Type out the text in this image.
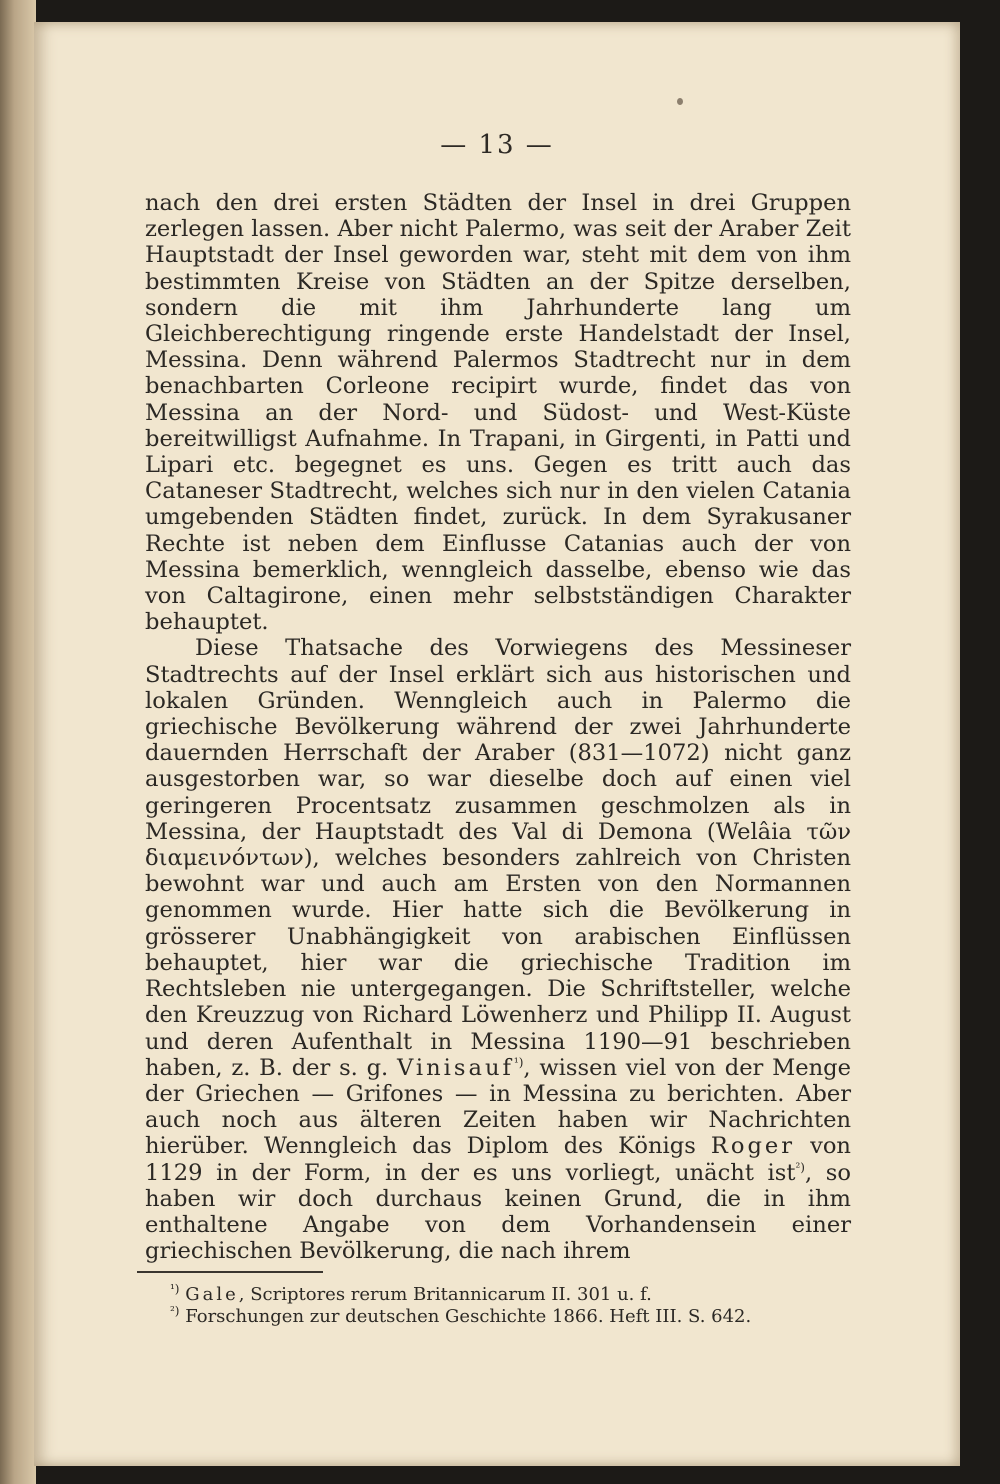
— 13 —

nach den drei ersten Städten der Insel in drei Gruppen zerlegen lassen. Aber nicht Palermo, was seit der Araber Zeit Hauptstadt der Insel geworden war, steht mit dem von ihm bestimmten Kreise von Städten an der Spitze derselben, sondern die mit ihm Jahrhunderte lang um Gleichberechtigung ringende erste Handelstadt der Insel, Messina. Denn während Palermos Stadtrecht nur in dem benachbarten Corleone recipirt wurde, findet das von Messina an der Nord- und Südost- und West-Küste bereitwilligst Aufnahme. In Trapani, in Girgenti, in Patti und Lipari etc. begegnet es uns. Gegen es tritt auch das Cataneser Stadtrecht, welches sich nur in den vielen Catania umgebenden Städten findet, zurück. In dem Syrakusaner Rechte ist neben dem Einflusse Catanias auch der von Messina bemerklich, wenngleich dasselbe, ebenso wie das von Caltagirone, einen mehr selbstständigen Charakter behauptet.

Diese Thatsache des Vorwiegens des Messineser Stadtrechts auf der Insel erklärt sich aus historischen und lokalen Gründen. Wenngleich auch in Palermo die griechische Bevölkerung während der zwei Jahrhunderte dauernden Herrschaft der Araber (831—1072) nicht ganz ausgestorben war, so war dieselbe doch auf einen viel geringeren Procentsatz zusammen geschmolzen als in Messina, der Hauptstadt des Val di Demona (Welâia τῶν διαμεινόντων), welches besonders zahlreich von Christen bewohnt war und auch am Ersten von den Normannen genommen wurde. Hier hatte sich die Bevölkerung in grösserer Unabhängigkeit von arabischen Einflüssen behauptet, hier war die griechische Tradition im Rechtsleben nie untergegangen. Die Schriftsteller, welche den Kreuzzug von Richard Löwenherz und Philipp II. August und deren Aufenthalt in Messina 1190—91 beschrieben haben, z. B. der s. g. Vinisauf$^{^1)}$, wissen viel von der Menge der Griechen — Grifones — in Messina zu berichten. Aber auch noch aus älteren Zeiten haben wir Nachrichten hierüber. Wenngleich das Diplom des Königs Roger von 1129 in der Form, in der es uns vorliegt, unächt ist$^{^2)}$, so haben wir doch durchaus keinen Grund, die in ihm enthaltene Angabe von dem Vorhandensein einer griechischen Bevölkerung, die nach ihrem

$^{^1)}$ Gale, Scriptores rerum Britannicarum II. 301 u. f.
$^{^2)}$ Forschungen zur deutschen Geschichte 1866. Heft III. S. 642.
